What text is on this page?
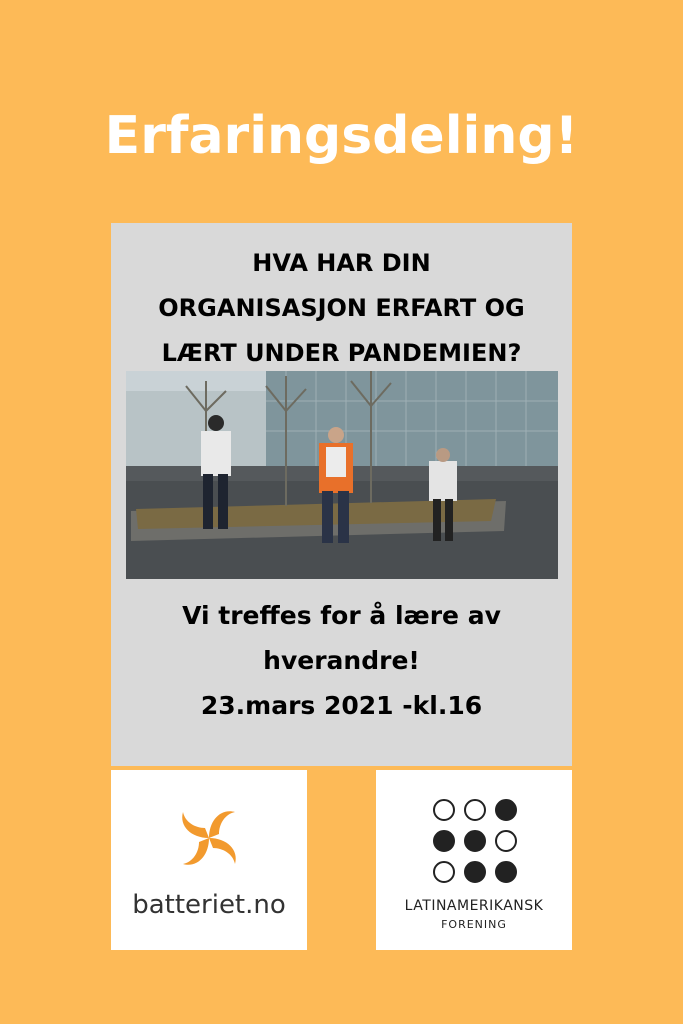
Erfaringsdeling!
HVA HAR DIN
ORGANISASJON ERFART OG
LÆRT UNDER PANDEMIEN?
Vi treffes for å lære av
hverandre!
23.mars 2021 -kl.16
batteriet.no	LATINAMERIKANSK
FORENING
